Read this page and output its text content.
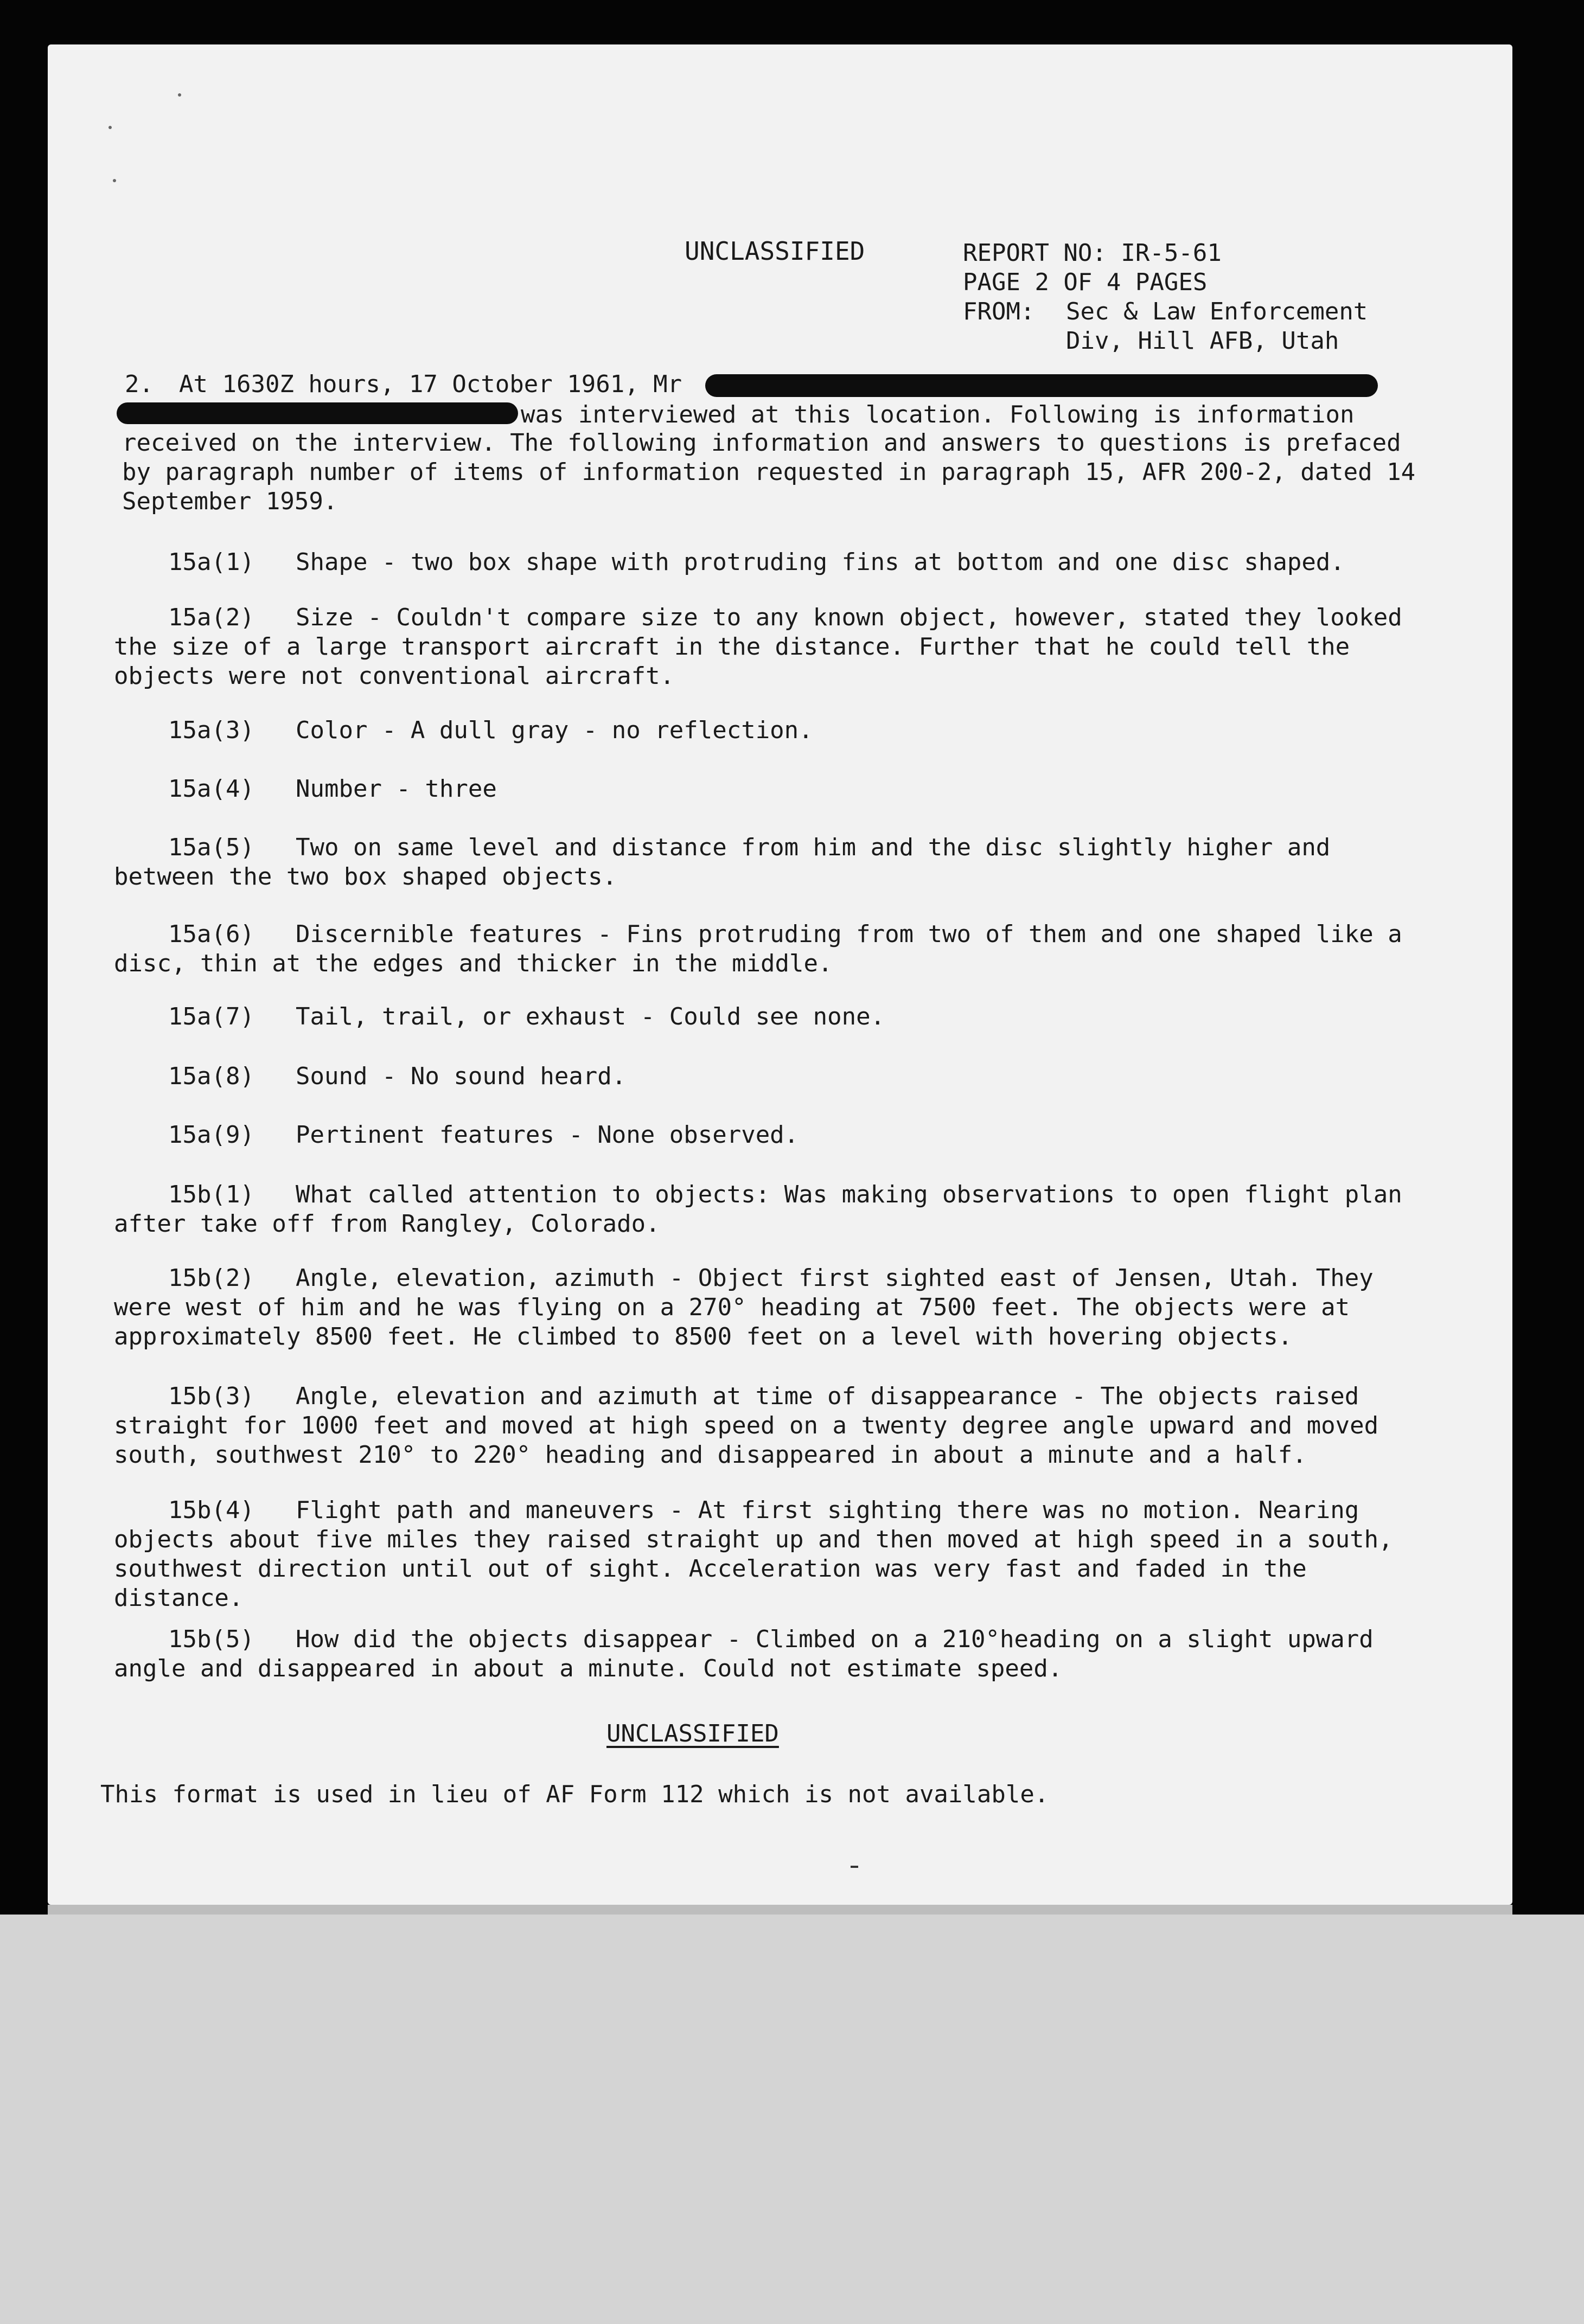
UNCLASSIFIED	REPORT NO: IR-5-61
PAGE 2 OF 4 PAGES
FROM: Sec & Law Enforcement
Div, Hill AFB, Utah
2. At 1630Z hours, 17 October 1961, Mr
was interviewed at this location. Following is information
received on the interview. The following information and answers to questions is prefaced by paragraph number of items of information requested in paragraph 15, AFR 200-2, dated 14 September 1959.
15a(1)	Shape - two box shape with protruding fins at bottom and one disc shaped.
15a(2)	Size - Couldn't compare size to any known object, however, stated they looked the size of a large transport aircraft in the distance. Further that he could tell the objects were not conventional aircraft.
15a(3)	Color - A dull gray - no reflection.
15a(4)	Number - three
15a(5)	Two on same level and distance from him and the disc slightly higher and between the two box shaped objects.
15a(6)	Discernible features - Fins protruding from two of them and one shaped like a disc, thin at the edges and thicker in the middle.
15a(7)	Tail, trail, or exhaust - Could see none.
15a(8)	Sound - No sound heard.
15a(9)	Pertinent features - None observed.
15b(1)	What called attention to objects: Was making observations to open flight plan after take off from Rangley, Colorado.
15b(2)	Angle, elevation, azimuth - Object first sighted east of Jensen, Utah. They were west of him and he was flying on a 270° heading at 7500 feet. The objects were at approximately 8500 feet. He climbed to 8500 feet on a level with hovering objects.
15b(3)	Angle, elevation and azimuth at time of disappearance - The objects raised straight for 1000 feet and moved at high speed on a twenty degree angle upward and moved south, southwest 210° to 220° heading and disappeared in about a minute and a half.
15b(4)	Flight path and maneuvers - At first sighting there was no motion. Nearing objects about five miles they raised straight up and then moved at high speed in a south, southwest direction until out of sight. Acceleration was very fast and faded in the distance.
15b(5)	How did the objects disappear - Climbed on a 210°heading on a slight upward angle and disappeared in about a minute. Could not estimate speed.
UNCLASSIFIED
This format is used in lieu of AF Form 112 which is not available.
